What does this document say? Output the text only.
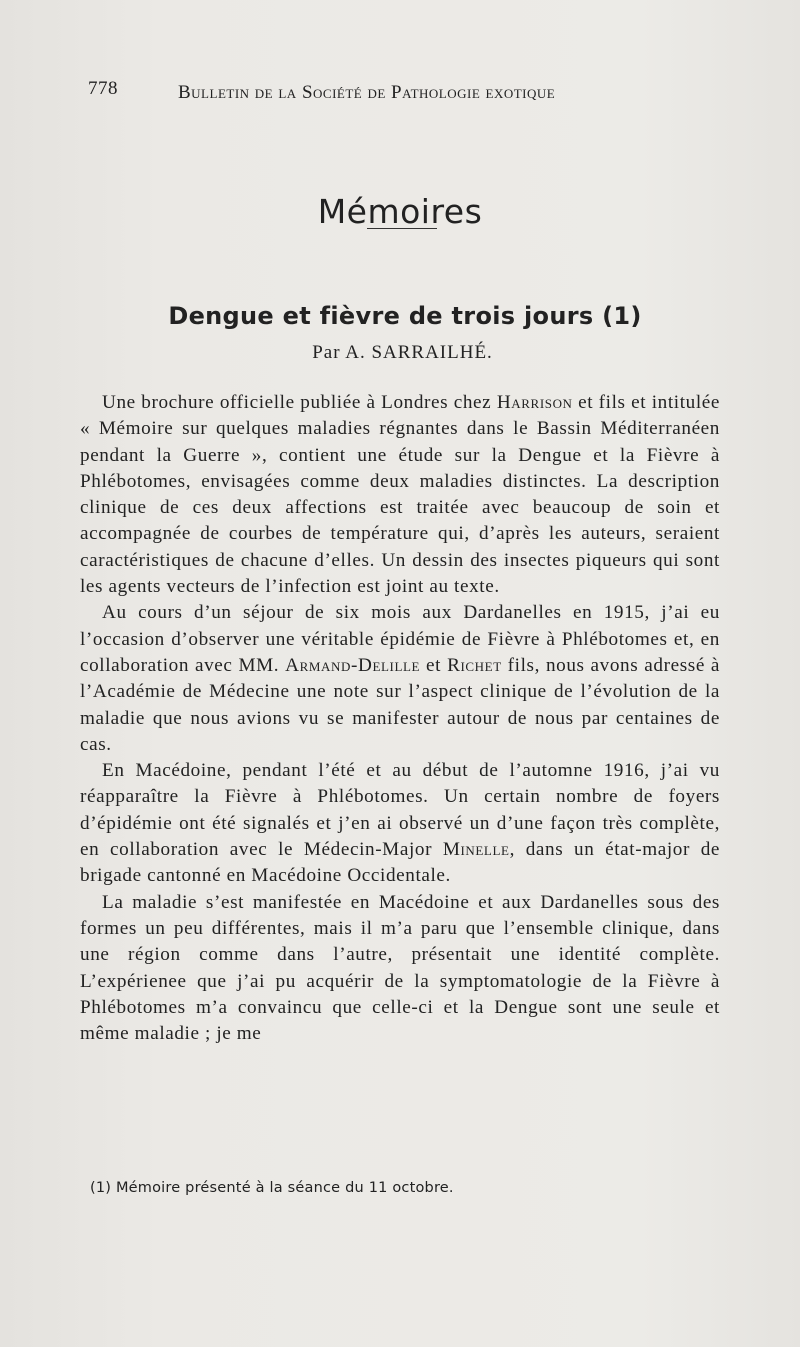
778	Bulletin de la Société de Pathologie exotique
Mémoires
Dengue et fièvre de trois jours (1)
Par A. SARRAILHÉ.

Une brochure officielle publiée à Londres chez Harrison et fils et intitulée « Mémoire sur quelques maladies régnantes dans le Bassin Méditerranéen pendant la Guerre », contient une étude sur la Dengue et la Fièvre à Phlébotomes, envisagées comme deux maladies distinctes. La description clinique de ces deux affections est traitée avec beaucoup de soin et accompagnée de courbes de température qui, d’après les auteurs, seraient caractéristiques de chacune d’elles. Un dessin des insectes piqueurs qui sont les agents vecteurs de l’infection est joint au texte.

Au cours d’un séjour de six mois aux Dardanelles en 1915, j’ai eu l’occasion d’observer une véritable épidémie de Fièvre à Phlébotomes et, en collaboration avec MM. Armand-Delille et Richet fils, nous avons adressé à l’Académie de Médecine une note sur l’aspect clinique de l’évolution de la maladie que nous avions vu se manifester autour de nous par centaines de cas.

En Macédoine, pendant l’été et au début de l’automne 1916, j’ai vu réapparaître la Fièvre à Phlébotomes. Un certain nombre de foyers d’épidémie ont été signalés et j’en ai observé un d’une façon très complète, en collaboration avec le Médecin-Major Minelle, dans un état-major de brigade cantonné en Macédoine Occidentale.

La maladie s’est manifestée en Macédoine et aux Dardanelles sous des formes un peu différentes, mais il m’a paru que l’ensemble clinique, dans une région comme dans l’autre, présentait une identité complète. L’expérienee que j’ai pu acquérir de la symptomatologie de la Fièvre à Phlébotomes m’a convaincu que celle-ci et la Dengue sont une seule et même maladie ; je me

(1) Mémoire présenté à la séance du 11 octobre.
